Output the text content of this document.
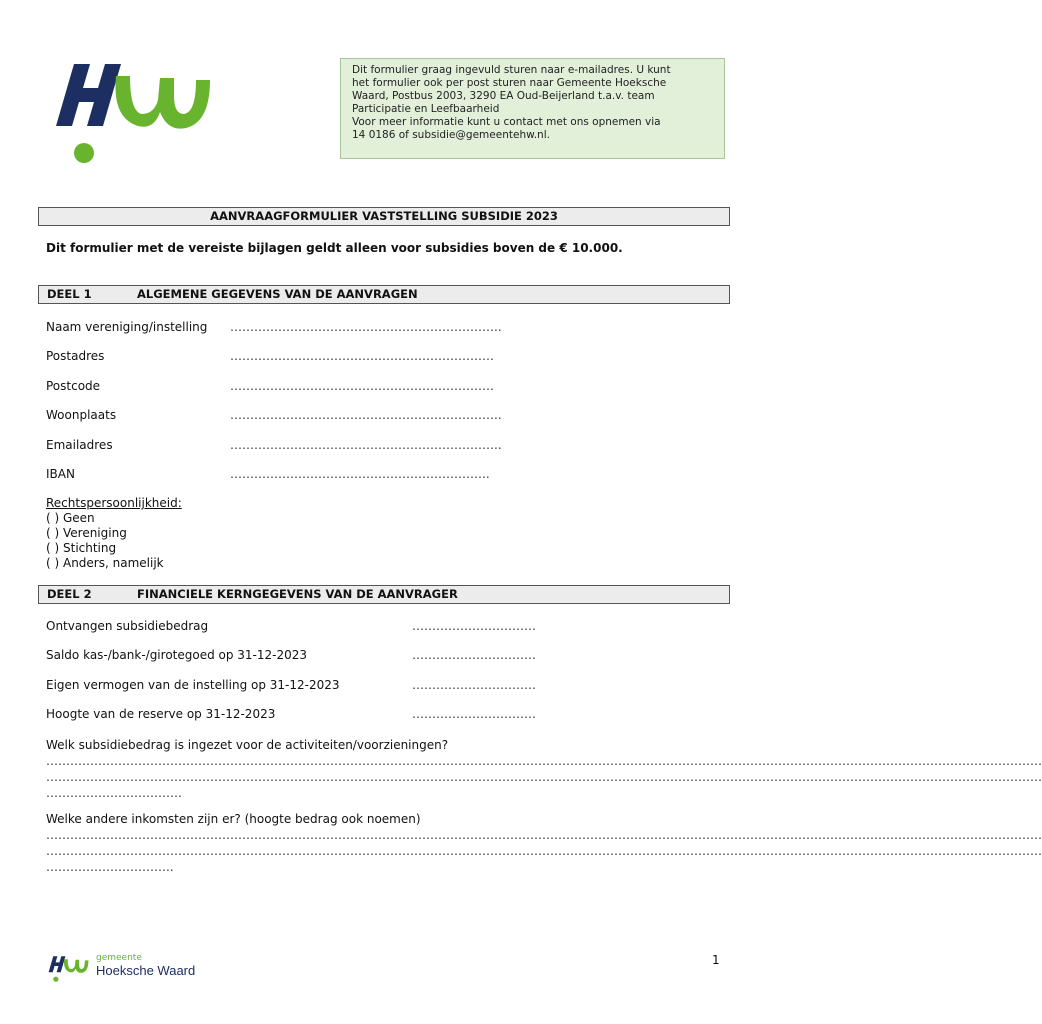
Dit formulier graag ingevuld sturen naar e-mailadres. U kunt
het formulier ook per post sturen naar Gemeente Hoeksche
Waard, Postbus 2003, 3290 EA Oud-Beijerland t.a.v. team
Participatie en Leefbaarheid
Voor meer informatie kunt u contact met ons opnemen via
14 0186 of subsidie@gemeentehw.nl.
AANVRAAGFORMULIER VASTSTELLING SUBSIDIE 2023
Dit formulier met de vereiste bijlagen geldt alleen voor subsidies boven de € 10.000.
DEEL 1	ALGEMENE GEGEVENS VAN DE AANVRAGEN
Naam vereniging/instelling …………………………………………………………..
Postadres	…………………………………………………………
Postcode	…………………………………………………………
Woonplaats	…………………………………………………………..
Emailadres	…………………………………………………………..
IBAN	………………………………………………………..
Rechtspersoonlijkheid:
( ) Geen
( ) Vereniging
( ) Stichting
( ) Anders, namelijk
DEEL 2	FINANCIELE KERNGEGEVENS VAN DE AANVRAGER
Ontvangen subsidiebedrag	………………………….
Saldo kas-/bank-/girotegoed op 31-12-2023	………………………….
Eigen vermogen van de instelling op 31-12-2023	………………………….
Hoogte van de reserve op 31-12-2023	………………………….
Welk subsidiebedrag is ingezet voor de activiteiten/voorzieningen?
……………………………………………………………………………………………………………………………………………………………………………………………………………………………
……………………………………………………………………………………………………………………………………………………………………………………………………………………………
…………………………….
Welke andere inkomsten zijn er? (hoogte bedrag ook noemen)
……………………………………………………………………………………………………………………………………………………………………………………………………………………………
……………………………………………………………………………………………………………………………………………………………………………………………………………………………
…………………………..
gemeente
Hoeksche Waard
1
